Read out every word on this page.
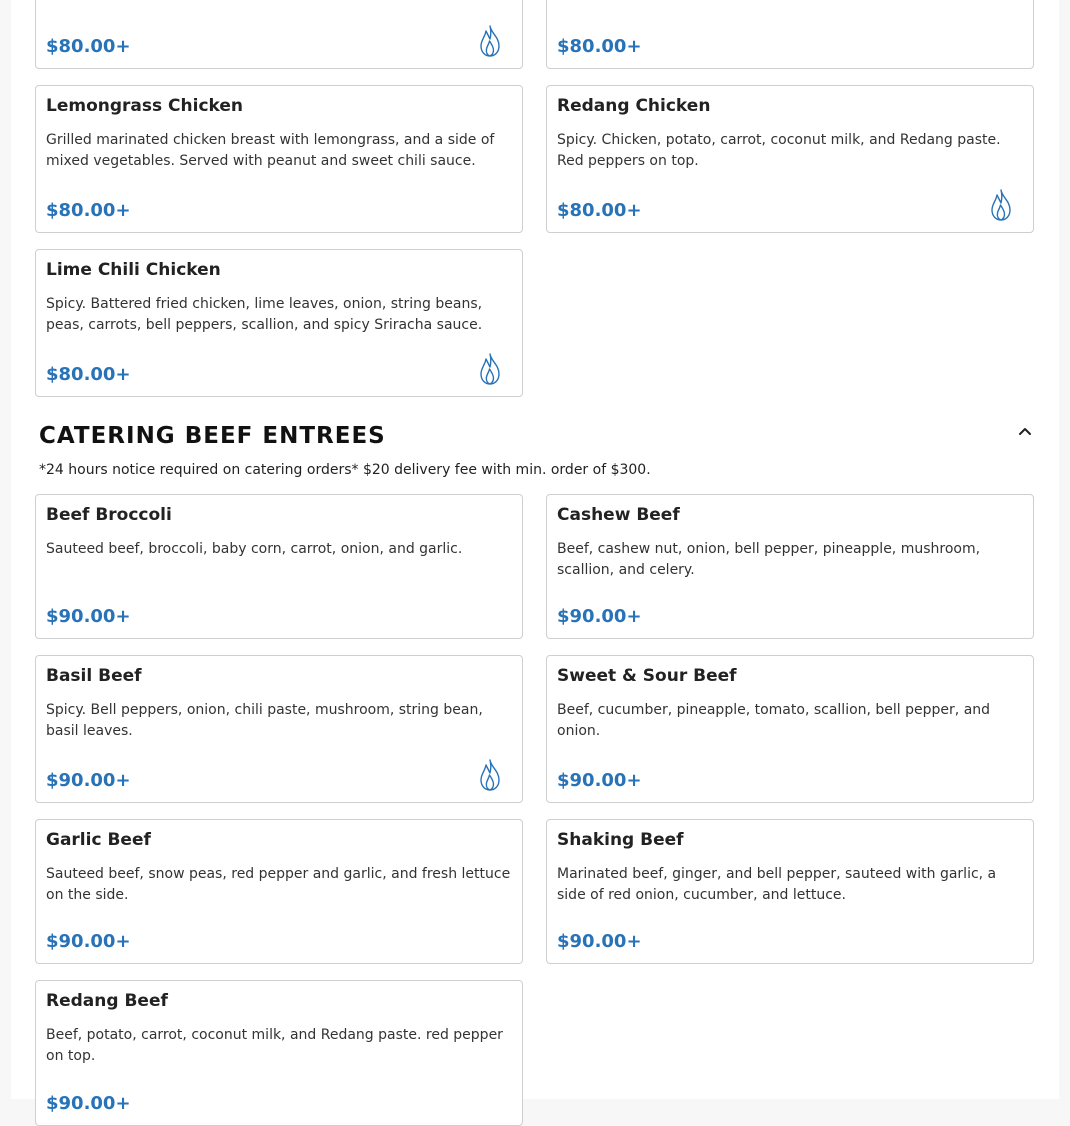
$80.00+	$80.00+
Lemongrass Chicken
Grilled marinated chicken breast with lemongrass, and a side of mixed vegetables. Served with peanut and sweet chili sauce.
$80.00+
Redang Chicken
Spicy. Chicken, potato, carrot, coconut milk, and Redang paste. Red peppers on top.
$80.00+
Lime Chili Chicken
Spicy. Battered fried chicken, lime leaves, onion, string beans, peas, carrots, bell peppers, scallion, and spicy Sriracha sauce.
$80.00+
CATERING BEEF ENTREES
*24 hours notice required on catering orders* $20 delivery fee with min. order of $300.
Beef Broccoli
Sauteed beef, broccoli, baby corn, carrot, onion, and garlic.
$90.00+
Cashew Beef
Beef, cashew nut, onion, bell pepper, pineapple, mushroom, scallion, and celery.
$90.00+
Basil Beef
Spicy. Bell peppers, onion, chili paste, mushroom, string bean, basil leaves.
$90.00+
Sweet & Sour Beef
Beef, cucumber, pineapple, tomato, scallion, bell pepper, and onion.
$90.00+
Garlic Beef
Sauteed beef, snow peas, red pepper and garlic, and fresh lettuce on the side.
$90.00+
Shaking Beef
Marinated beef, ginger, and bell pepper, sauteed with garlic, a side of red onion, cucumber, and lettuce.
$90.00+
Redang Beef
Beef, potato, carrot, coconut milk, and Redang paste. red pepper on top.
$90.00+
